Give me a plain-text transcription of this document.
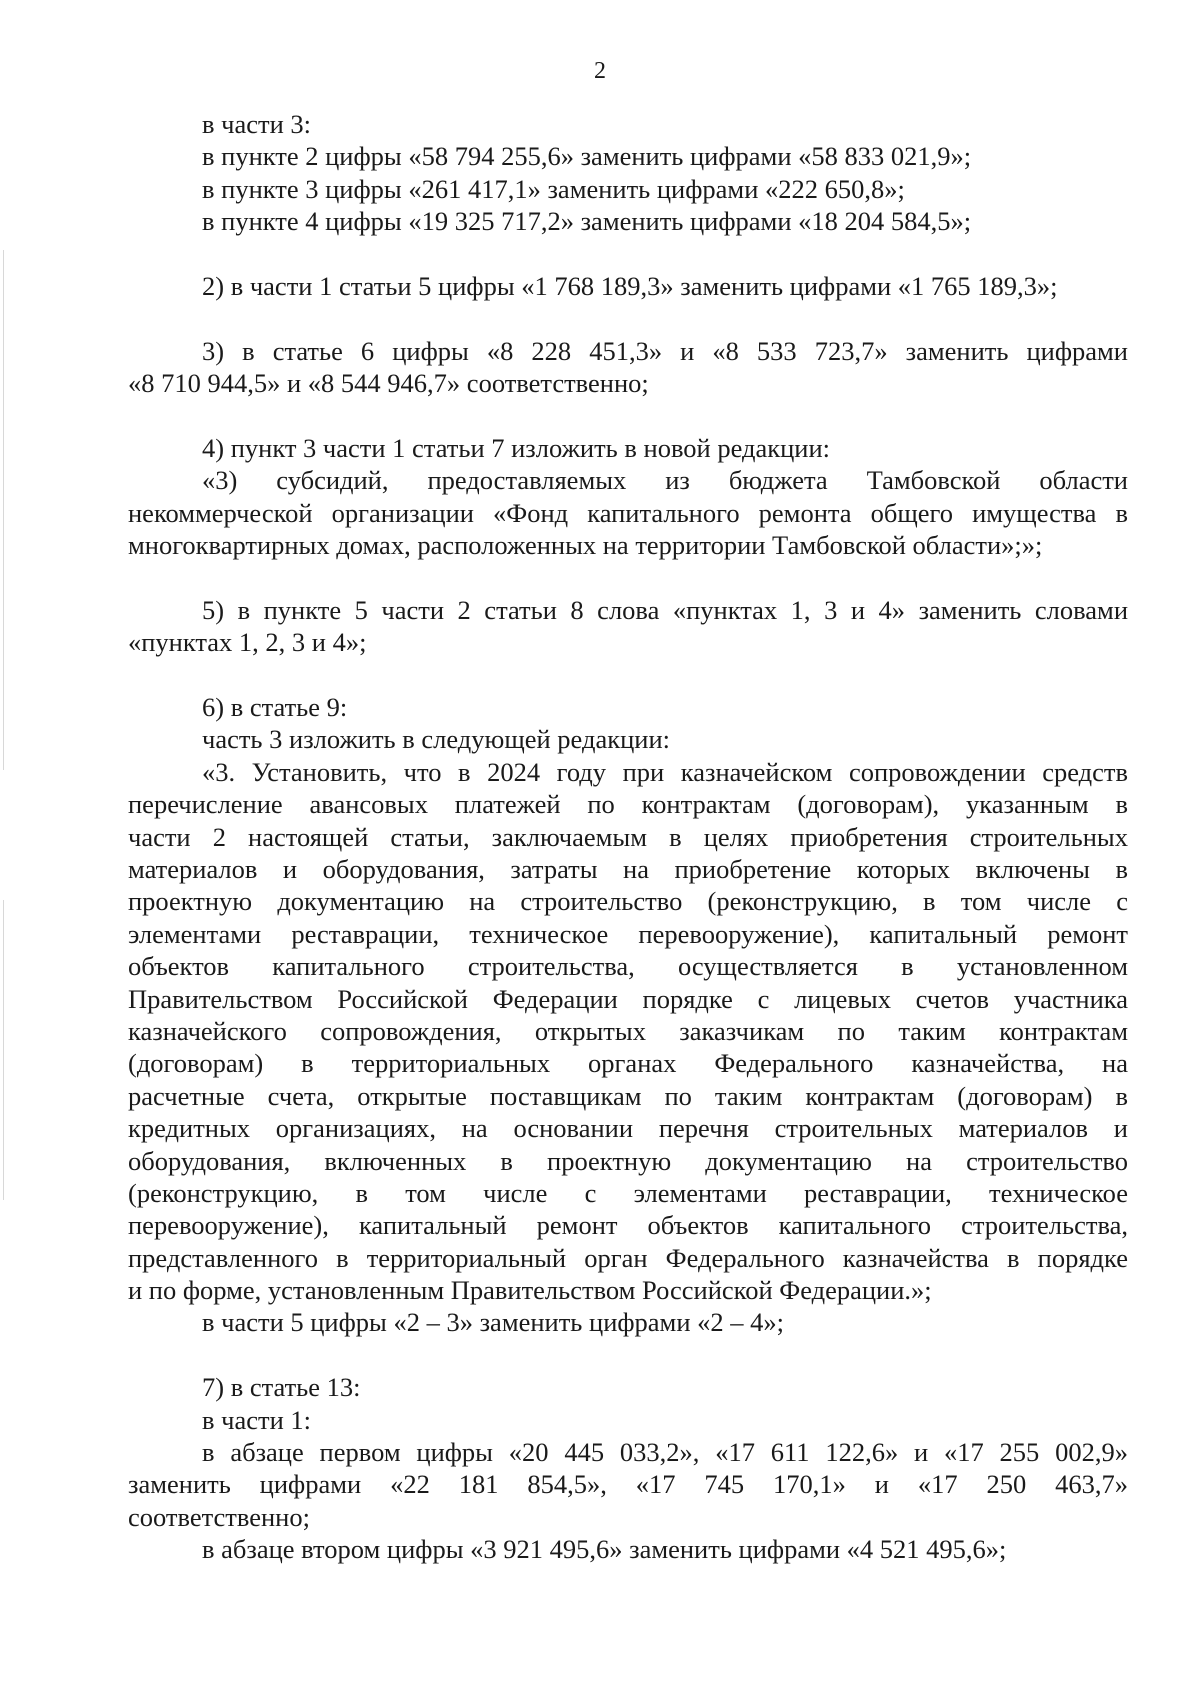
2
в части 3:
в пункте 2 цифры «58 794 255,6» заменить цифрами «58 833 021,9»;
в пункте 3 цифры «261 417,1» заменить цифрами «222 650,8»;
в пункте 4 цифры «19 325 717,2» заменить цифрами «18 204 584,5»;
2) в части 1 статьи 5 цифры «1 768 189,3» заменить цифрами «1 765 189,3»;
3) в статье 6 цифры «8 228 451,3» и «8 533 723,7» заменить цифрами
«8 710 944,5» и «8 544 946,7» соответственно;
4) пункт 3 части 1 статьи 7 изложить в новой редакции:
«3) субсидий, предоставляемых из бюджета Тамбовской области
некоммерческой организации «Фонд капитального ремонта общего имущества в
многоквартирных домах, расположенных на территории Тамбовской области»;»;
5) в пункте 5 части 2 статьи 8 слова «пунктах 1, 3 и 4» заменить словами
«пунктах 1, 2, 3 и 4»;
6) в статье 9:
часть 3 изложить в следующей редакции:
«3. Установить, что в 2024 году при казначейском сопровождении средств
перечисление авансовых платежей по контрактам (договорам), указанным в
части 2 настоящей статьи, заключаемым в целях приобретения строительных
материалов и оборудования, затраты на приобретение которых включены в
проектную документацию на строительство (реконструкцию, в том числе с
элементами реставрации, техническое перевооружение), капитальный ремонт
объектов капитального строительства, осуществляется в установленном
Правительством Российской Федерации порядке с лицевых счетов участника
казначейского сопровождения, открытых заказчикам по таким контрактам
(договорам) в территориальных органах Федерального казначейства, на
расчетные счета, открытые поставщикам по таким контрактам (договорам) в
кредитных организациях, на основании перечня строительных материалов и
оборудования, включенных в проектную документацию на строительство
(реконструкцию, в том числе с элементами реставрации, техническое
перевооружение), капитальный ремонт объектов капитального строительства,
представленного в территориальный орган Федерального казначейства в порядке
и по форме, установленным Правительством Российской Федерации.»;
в части 5 цифры «2 – 3» заменить цифрами «2 – 4»;
7) в статье 13:
в части 1:
в абзаце первом цифры «20 445 033,2», «17 611 122,6» и «17 255 002,9»
заменить цифрами «22 181 854,5», «17 745 170,1» и «17 250 463,7»
соответственно;
в абзаце втором цифры «3 921 495,6» заменить цифрами «4 521 495,6»;
